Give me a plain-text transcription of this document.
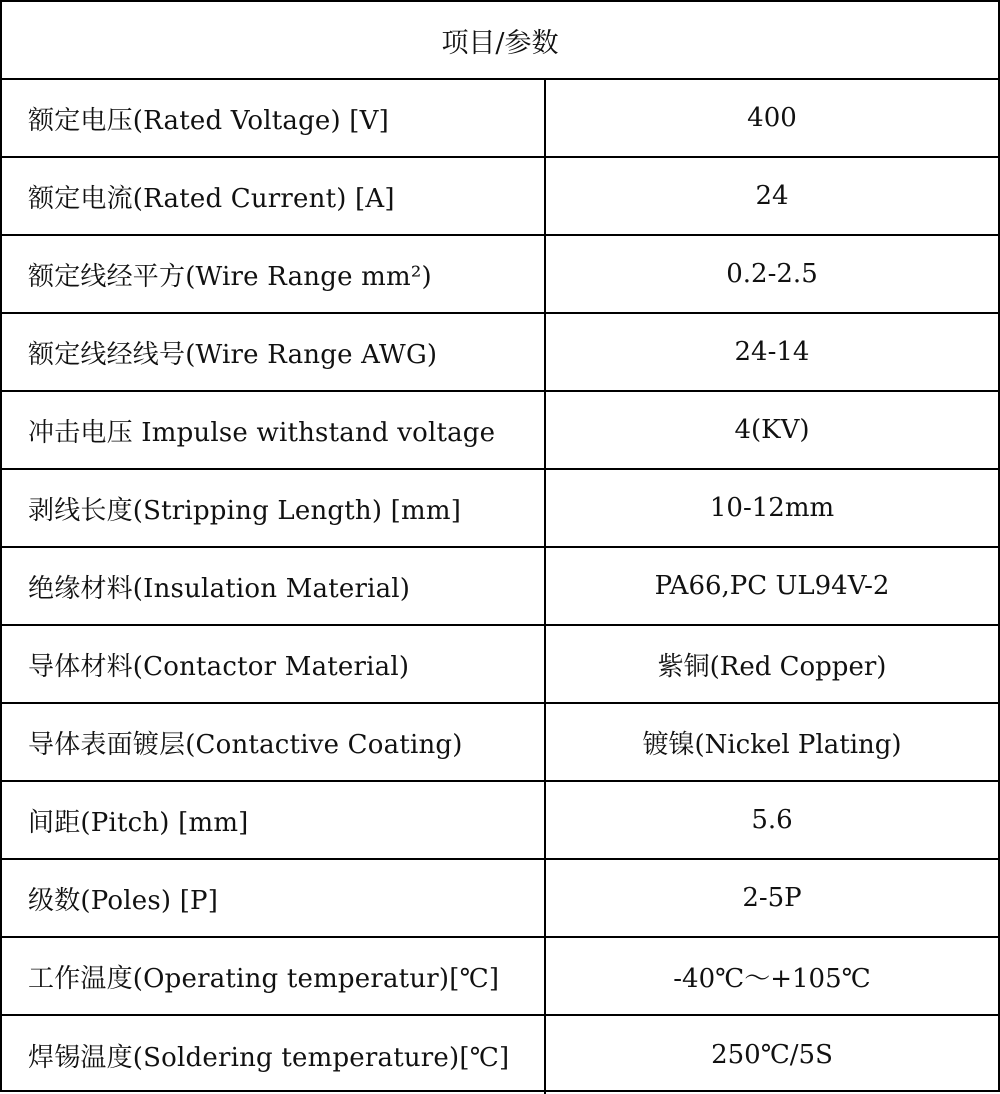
项目/参数
额定电压(Rated Voltage) [V]	400
额定电流(Rated Current) [A]	24
额定线经平方(Wire Range mm²)	0.2-2.5
额定线经线号(Wire Range AWG)	24-14
冲击电压 Impulse withstand voltage	4(KV)
剥线长度(Stripping Length) [mm]	10-12mm
绝缘材料(Insulation Material)	PA66,PC UL94V-2
导体材料(Contactor Material)	紫铜(Red Copper)
导体表面镀层(Contactive Coating)	镀镍(Nickel Plating)
间距(Pitch) [mm]	5.6
级数(Poles) [P]	2-5P
工作温度(Operating temperatur)[℃]	-40℃～+105℃
焊锡温度(Soldering temperature)[℃]	250℃/5S
